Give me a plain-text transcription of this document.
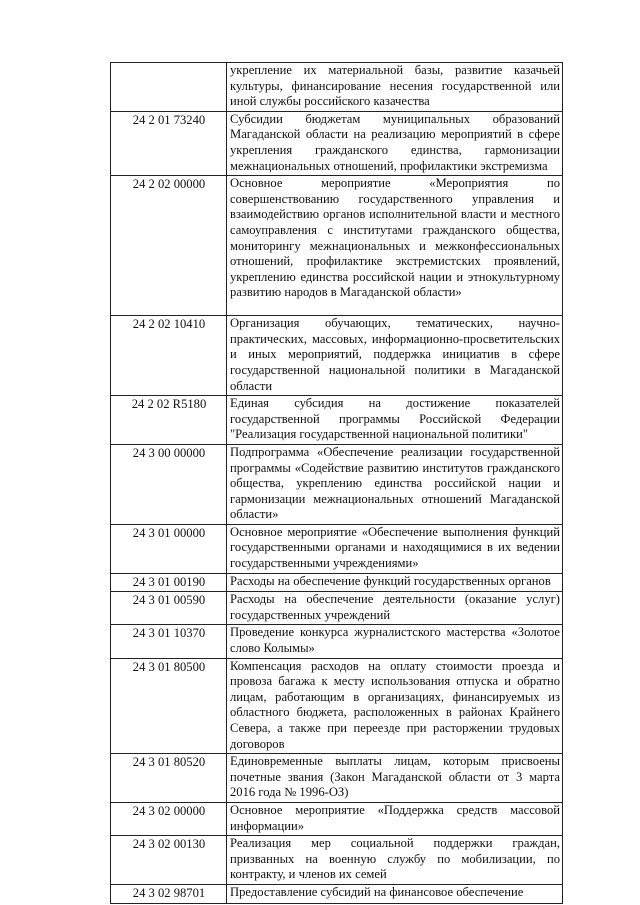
	укрепление их материальной базы, развитие казачьей культуры, финансирование несения государственной или иной службы российского казачества
24 2 01 73240	Субсидии бюджетам муниципальных образований Магаданской области на реализацию мероприятий в сфере укрепления гражданского единства, гармонизации межнациональных отношений, профилактики экстремизма
24 2 02 00000	Основное мероприятие «Мероприятия по совершенствованию государственного управления и взаимодействию органов исполнительной власти и местного самоуправления с институтами гражданского общества, мониторингу межнациональных и межконфессиональных отношений, профилактике экстремистских проявлений, укреплению единства российской нации и этнокультурному развитию народов в Магаданской области»
24 2 02 10410	Организация обучающих, тематических, научно-практических, массовых, информационно-просветительских и иных мероприятий, поддержка инициатив в сфере государственной национальной политики в Магаданской области
24 2 02 R5180	Единая субсидия на достижение показателей государственной программы Российской Федерации "Реализация государственной национальной политики"
24 3 00 00000	Подпрограмма «Обеспечение реализации государственной программы «Содействие развитию институтов гражданского общества, укреплению единства российской нации и гармонизации межнациональных отношений Магаданской области»
24 3 01 00000	Основное мероприятие «Обеспечение выполнения функций государственными органами и находящимися в их ведении государственными учреждениями»
24 3 01 00190	Расходы на обеспечение функций государственных органов
24 3 01 00590	Расходы на обеспечение деятельности (оказание услуг) государственных учреждений
24 3 01 10370	Проведение конкурса журналистского мастерства «Золотое слово Колымы»
24 3 01 80500	Компенсация расходов на оплату стоимости проезда и провоза багажа к месту использования отпуска и обратно лицам, работающим в организациях, финансируемых из областного бюджета, расположенных в районах Крайнего Севера, а также при переезде при расторжении трудовых договоров
24 3 01 80520	Единовременные выплаты лицам, которым присвоены почетные звания (Закон Магаданской области от 3 марта 2016 года № 1996-ОЗ)
24 3 02 00000	Основное мероприятие «Поддержка средств массовой информации»
24 3 02 00130	Реализация мер социальной поддержки граждан, призванных на военную службу по мобилизации, по контракту, и членов их семей
24 3 02 98701	Предоставление субсидий на финансовое обеспечение
